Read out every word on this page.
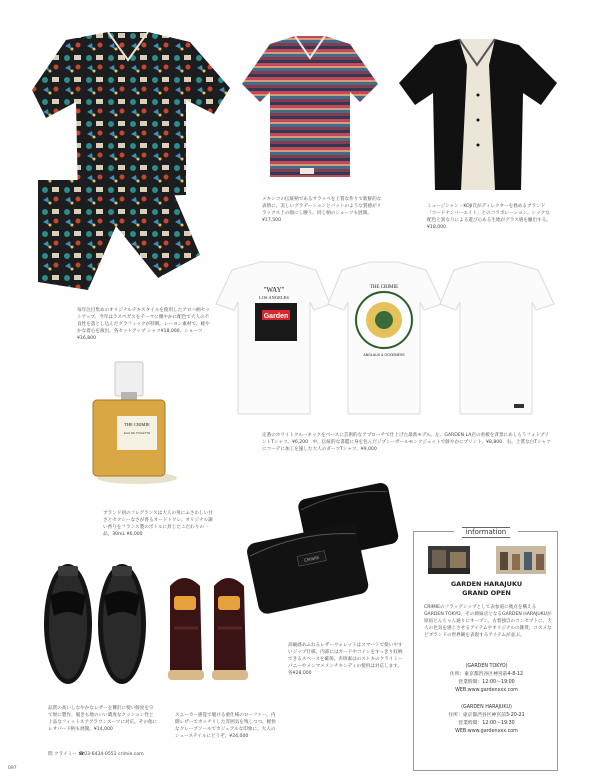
毎年注目集めのオリジナルテキスタイルを使用したアロハ柄セットアップ。今年はラスベガスをテーマに優やかに配色で大人の不良性を落とし込んだグラフィックが特徴。レーヨン素材で、軽やかな着心を演出。各セットアップ シャツ¥18,000、ショーツ¥16,800
メキシコの伝統柄であるサラッペを上質な作りで新鮮的な表情に。美しいグラデーションとバットのような質感がリラックス上の顔にし腰う。同じ柄のショーツも展開。¥17,500
ミュージシャン・KOJI氏がディレクターを務めるブランド「コードナンバーエイト」とのコラボレーション。シックな配色と異なりによる遊び心ある生地がグラス感を醸出する。¥18,000
"WAY"
LOS ANGELES
Garden
THE CRIMIE
ANGLAUX & GOODNESS
定番のホワイトクルーネックをベースに芸術的なアプローチで仕上げた最新モデル。左。GARDEN LA店の看板を背景にあしらうフォトプリントTシャツ。¥6,200　中。伝統的な書鑑に身を包んだジプシーガールモンクジェットで鮮やかにプリント。¥8,800　右。上質な白Tシャツにコーデに加工を施した大人のダーツTシャツ。¥9,000
THE CRIMIE
EAU DE TOILETTE
ブランド初のフレグランスは大人の男にふさわしい甘さとセクシーなさが香るオードトワレ。オリジナル調い香りをフランス製のボトルに封じたこだわりの一品。30mL ¥6,000
CRIMIE
高級感あふれるレザーウォレットはスマートで使いやすいジップ仕様。内部にはカードやコインをすっきり収納できるスペースを確保。赤斑素はのストキのクライミーパニーやメンマメメンチキンディの使用は対応します。各¥28,000
品質の高いしなやかなレザーを贅沢に使い鮮度を守て無に製作。履きも地のいい濃度なクッション性と上品なフィットスアグラウンスーツに対応。その他にレオパード柄も展開。¥14,000
問 クライミー ☎03-6434-0551 crimie.com
スニーカー感覚で履ける重仕様のローファー。内側レザーでカッチリした雰囲気を残しつつ、軽快なクレープソールでカジュアルな印象に。大人のシューステイルにどうぞ。¥24,000
information
GARDEN HARAJUKU
GRAND OPEN
CRIMIEのフラッグシップとして表参道に拠点を構えるGARDEN TOKYO。その姉妹店となるGARDEN HARAJUKUが原宿とんちゃん通りにオープン。古着独自のコンセプトに、大人の色気を感じさせるアイテムやオリジナルの雑貨、コスメなどブランドの世界観を表現するアイテムが並ぶ。
(GARDEN TOKYO)
住所：東京都渋谷区神宮前4-8-12
営業時間：12:00～19:00
WEB:www.gardenxxx.com
(GARDEN HARAJUKU)
住所：東京都渋谷区神宮前3-20-21
営業時間：12:00～19:30
WEB:www.gardenxxx.com
097
